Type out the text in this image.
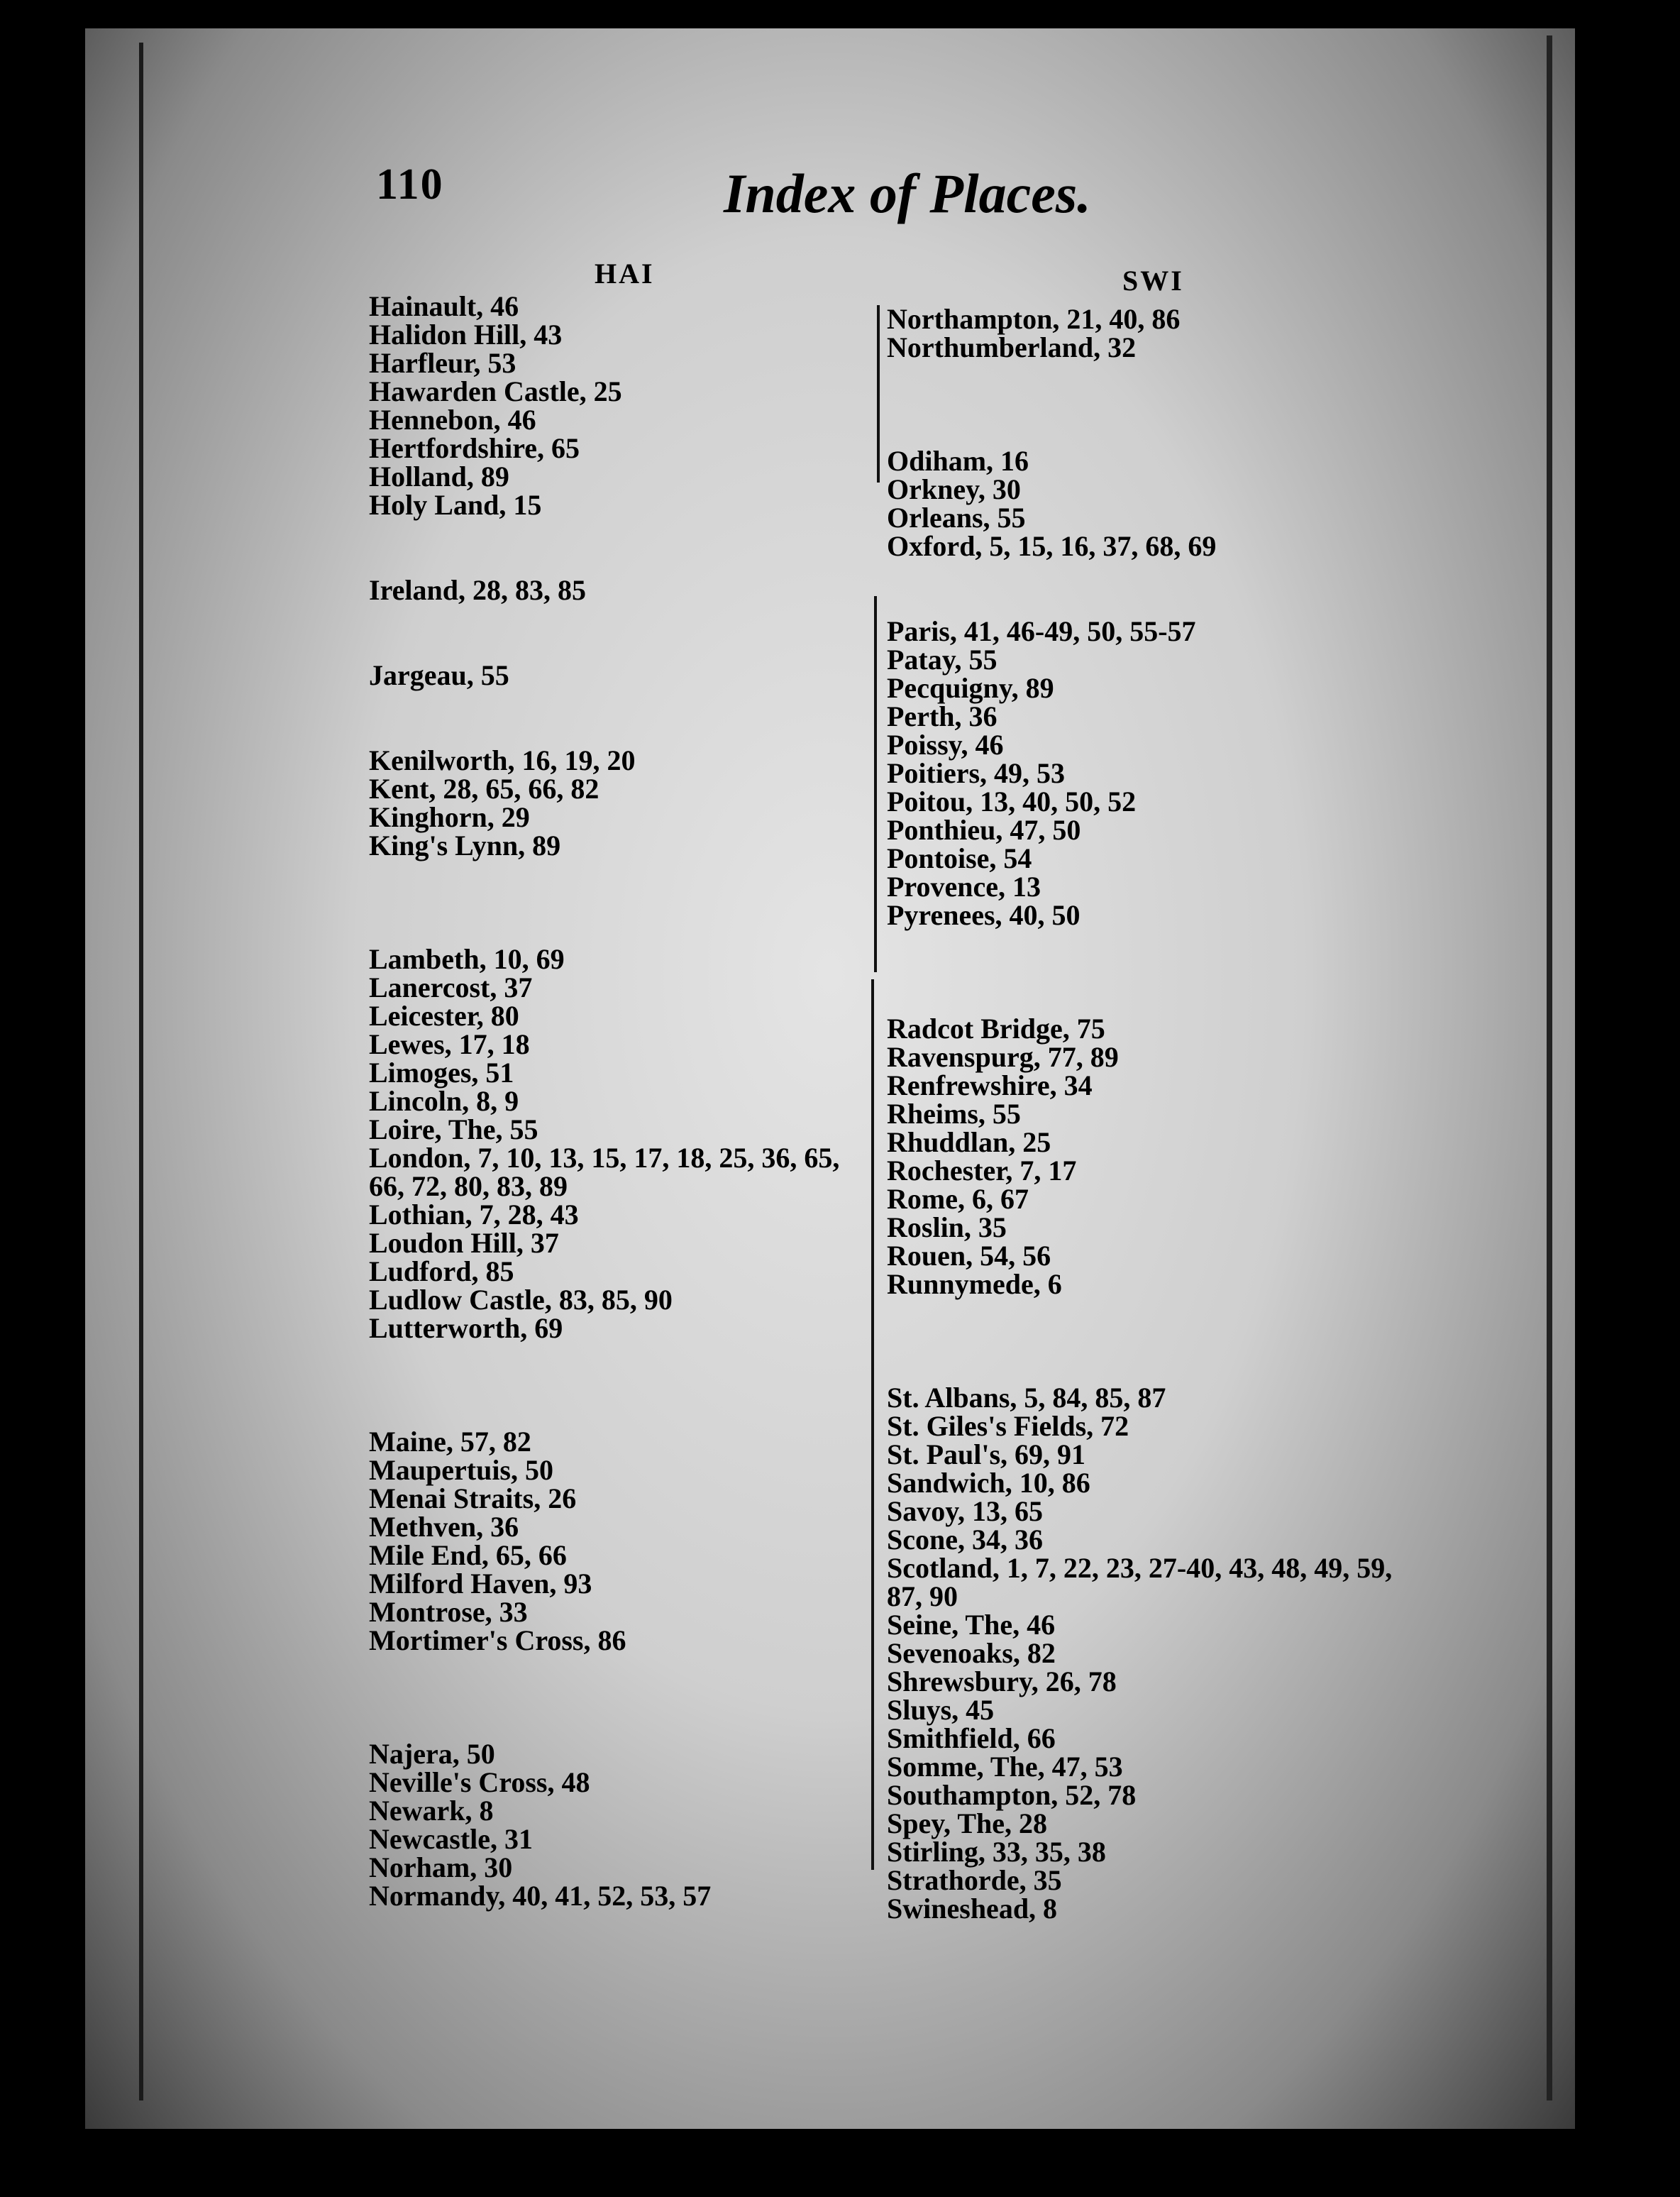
110	Index of Places.
HAI	SWI
Hainault, 46
Halidon Hill, 43
Harfleur, 53
Hawarden Castle, 25
Hennebon, 46
Hertfordshire, 65
Holland, 89
Holy Land, 15
Ireland, 28, 83, 85
Jargeau, 55
Kenilworth, 16, 19, 20
Kent, 28, 65, 66, 82
Kinghorn, 29
King's Lynn, 89
Lambeth, 10, 69
Lanercost, 37
Leicester, 80
Lewes, 17, 18
Limoges, 51
Lincoln, 8, 9
Loire, The, 55
London, 7, 10, 13, 15, 17, 18, 25, 36, 65, 66, 72, 80, 83, 89
Lothian, 7, 28, 43
Loudon Hill, 37
Ludford, 85
Ludlow Castle, 83, 85, 90
Lutterworth, 69
Maine, 57, 82
Maupertuis, 50
Menai Straits, 26
Methven, 36
Mile End, 65, 66
Milford Haven, 93
Montrose, 33
Mortimer's Cross, 86
Najera, 50
Neville's Cross, 48
Newark, 8
Newcastle, 31
Norham, 30
Normandy, 40, 41, 52, 53, 57
Northampton, 21, 40, 86
Northumberland, 32
Odiham, 16
Orkney, 30
Orleans, 55
Oxford, 5, 15, 16, 37, 68, 69
Paris, 41, 46-49, 50, 55-57
Patay, 55
Pecquigny, 89
Perth, 36
Poissy, 46
Poitiers, 49, 53
Poitou, 13, 40, 50, 52
Ponthieu, 47, 50
Pontoise, 54
Provence, 13
Pyrenees, 40, 50
Radcot Bridge, 75
Ravenspurg, 77, 89
Renfrewshire, 34
Rheims, 55
Rhuddlan, 25
Rochester, 7, 17
Rome, 6, 67
Roslin, 35
Rouen, 54, 56
Runnymede, 6
St. Albans, 5, 84, 85, 87
St. Giles's Fields, 72
St. Paul's, 69, 91
Sandwich, 10, 86
Savoy, 13, 65
Scone, 34, 36
Scotland, 1, 7, 22, 23, 27-40, 43, 48, 49, 59, 87, 90
Seine, The, 46
Sevenoaks, 82
Shrewsbury, 26, 78
Sluys, 45
Smithfield, 66
Somme, The, 47, 53
Southampton, 52, 78
Spey, The, 28
Stirling, 33, 35, 38
Strathorde, 35
Swineshead, 8
